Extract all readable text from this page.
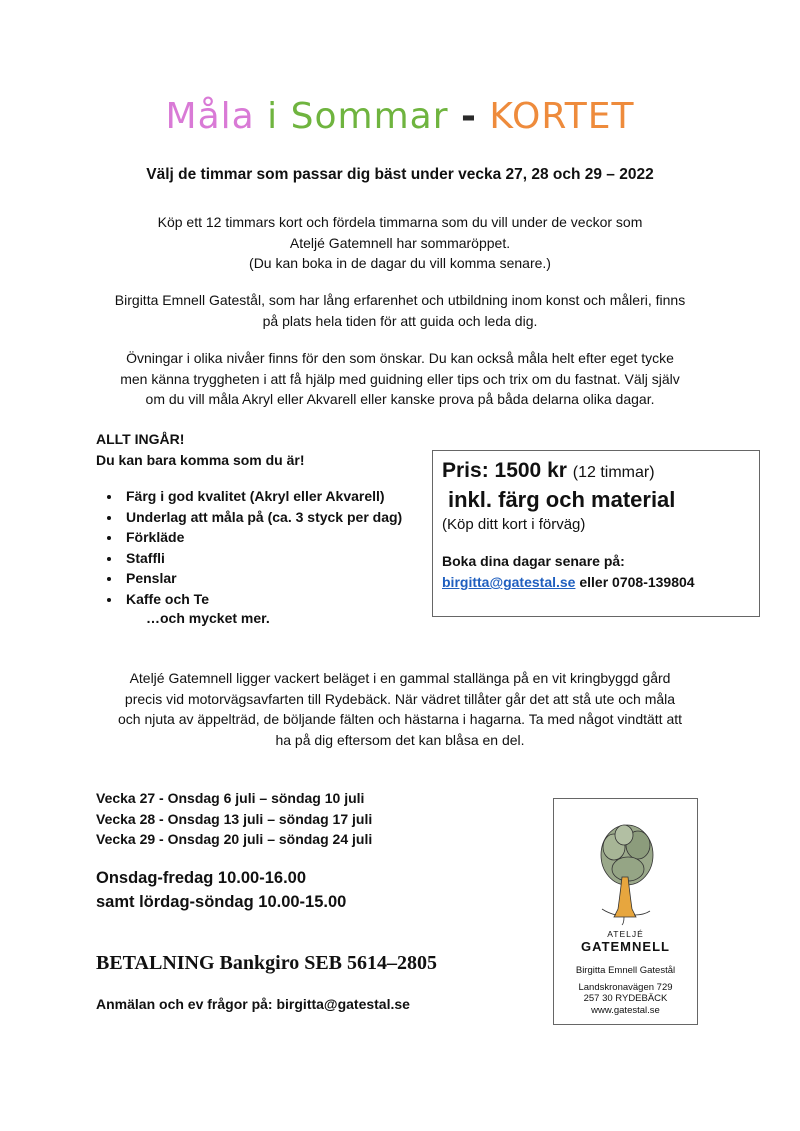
Måla i Sommar - KORTET
Välj de timmar som passar dig bäst under vecka 27, 28 och 29 – 2022
Köp ett 12 timmars kort och fördela timmarna som du vill under de veckor som
Ateljé Gatemnell har sommaröppet.
(Du kan boka in de dagar du vill komma senare.)
Birgitta Emnell Gatestål, som har lång erfarenhet och utbildning inom konst och måleri, finns
på plats hela tiden för att guida och leda dig.
Övningar i olika nivåer finns för den som önskar. Du kan också måla helt efter eget tycke
men känna tryggheten i att få hjälp med guidning eller tips och trix om du fastnat. Välj själv
om du vill måla Akryl eller Akvarell eller kanske prova på båda delarna olika dagar.
ALLT INGÅR!
Du kan bara komma som du är!
• Färg i god kvalitet (Akryl eller Akvarell)
• Underlag att måla på (ca. 3 styck per dag)
• Förkläde
• Staffli
• Penslar
• Kaffe och Te
…och mycket mer.
Pris: 1500 kr (12 timmar)
inkl. färg och material
(Köp ditt kort i förväg)
Boka dina dagar senare på:
birgitta@gatestal.se eller 0708-139804
Ateljé Gatemnell ligger vackert beläget i en gammal stallänga på en vit kringbyggd gård
precis vid motorvägsavfarten till Rydebäck. När vädret tillåter går det att stå ute och måla
och njuta av äppelträd, de böljande fälten och hästarna i hagarna. Ta med något vindtätt att
ha på dig eftersom det kan blåsa en del.
Vecka 27 - Onsdag 6 juli – söndag 10 juli
Vecka 28 - Onsdag 13 juli – söndag 17 juli
Vecka 29 - Onsdag 20 juli – söndag 24 juli
Onsdag-fredag 10.00-16.00
samt lördag-söndag 10.00-15.00
BETALNING Bankgiro SEB 5614–2805
Anmälan och ev frågor på: birgitta@gatestal.se
ATELJÉ
GATEMNELL
Birgitta Emnell Gatestål
Landskronavägen 729
257 30 RYDEBÄCK
www.gatestal.se
